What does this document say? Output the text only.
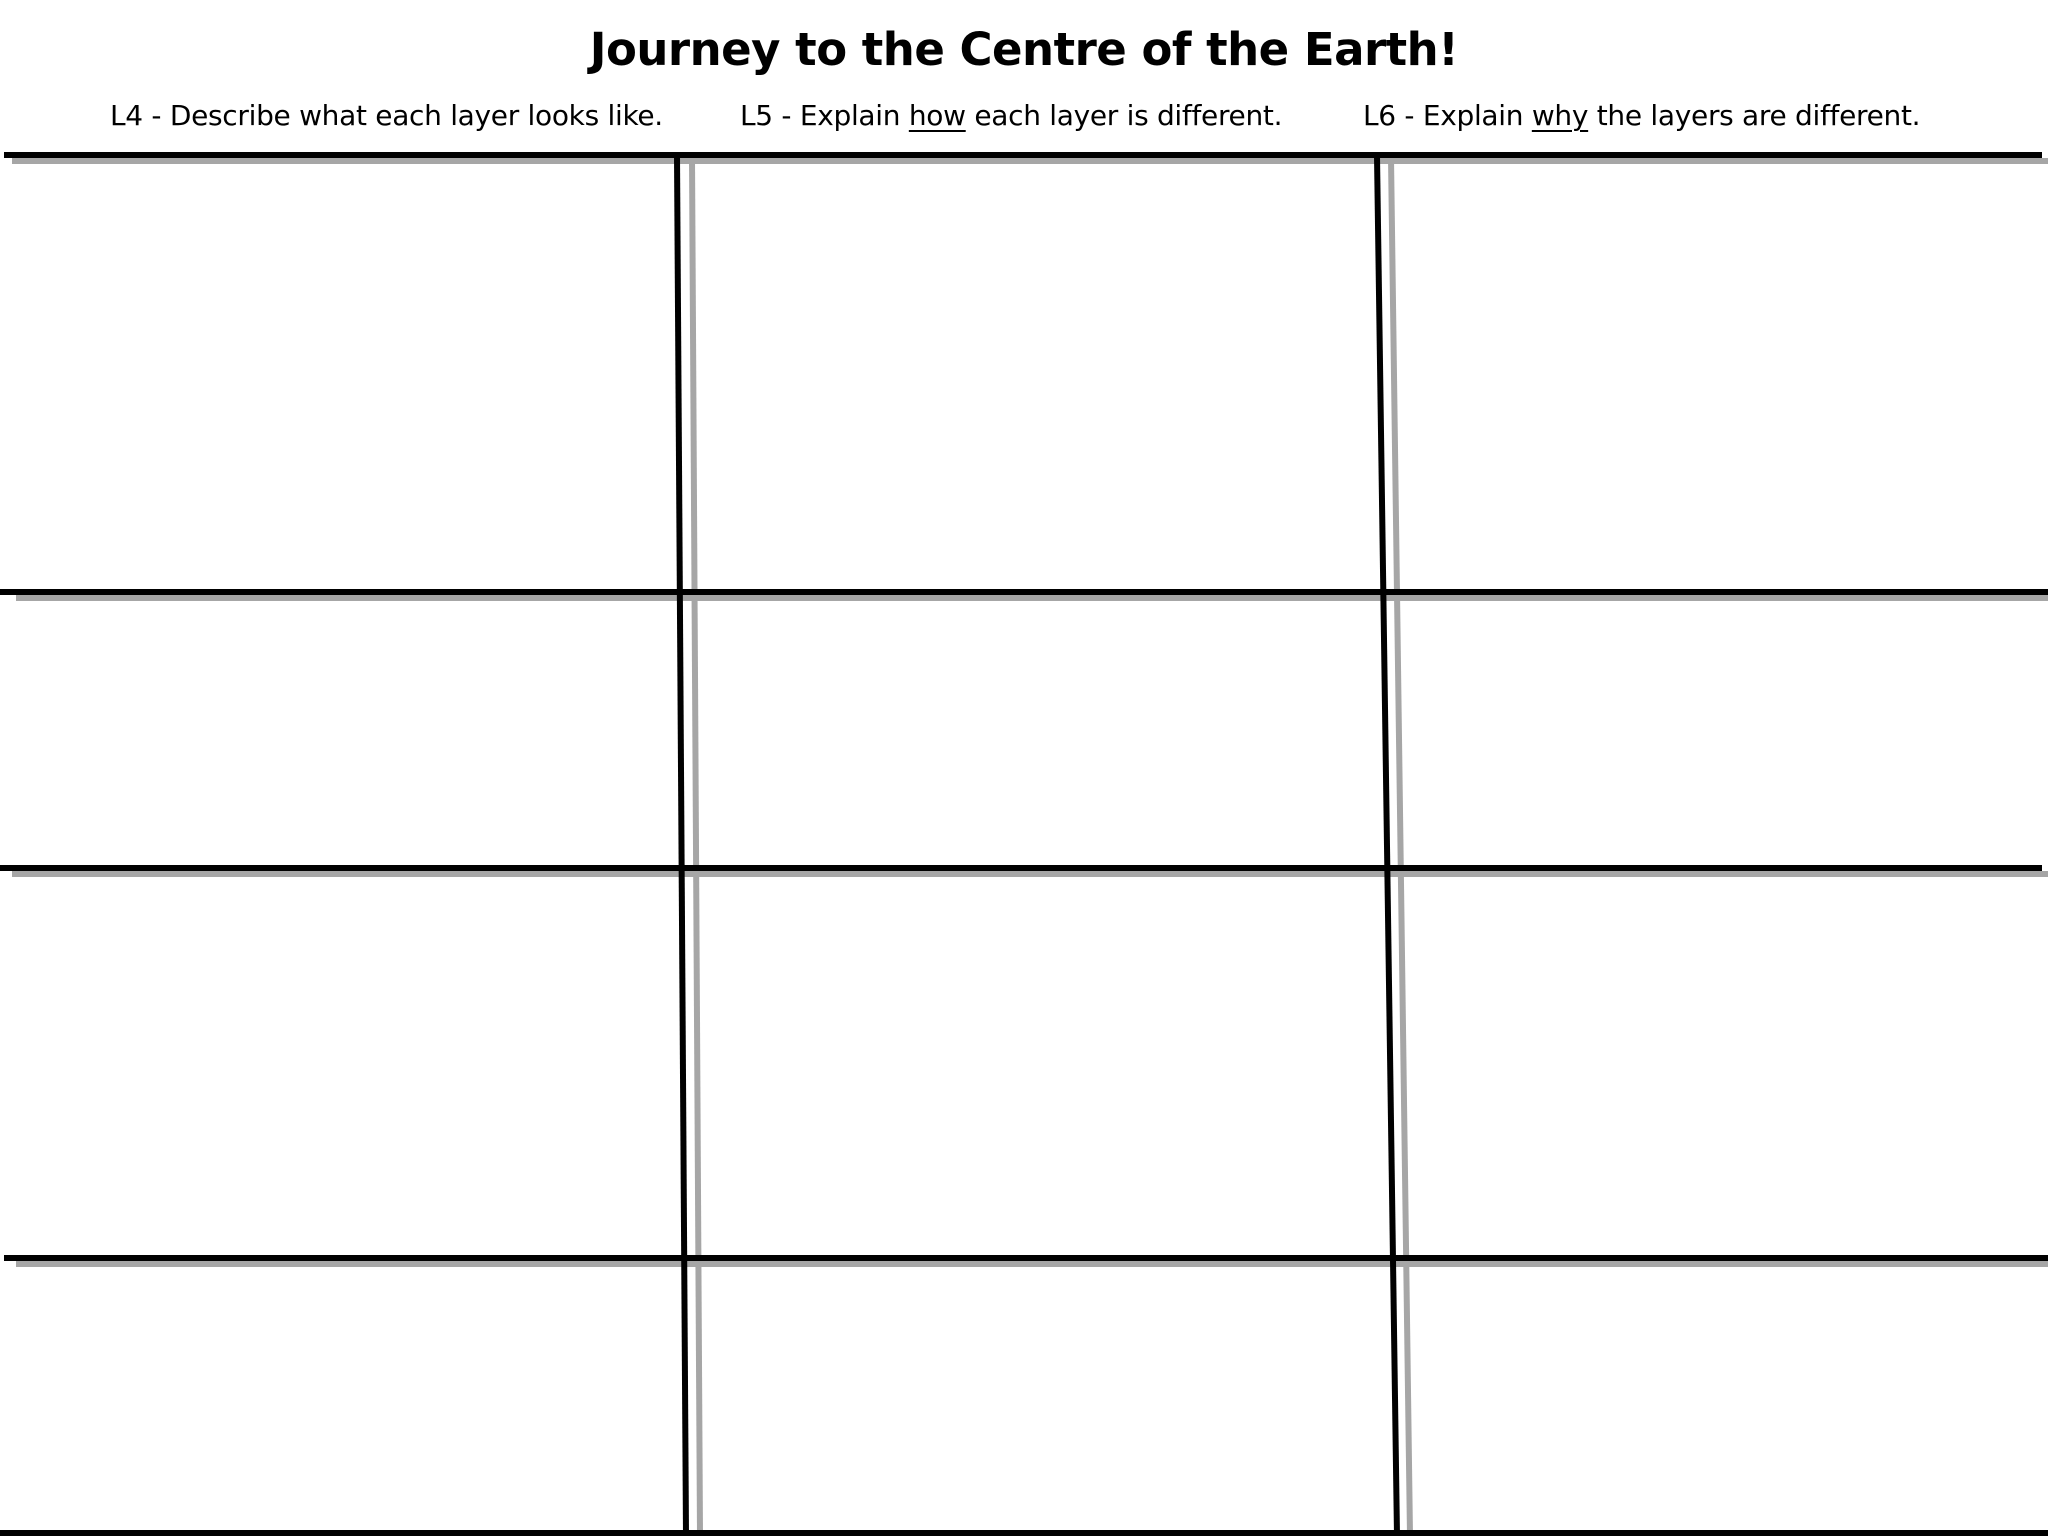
Journey to the Centre of the Earth!
L4 - Describe what each layer looks like.	L5 - Explain how each layer is different.	L6 - Explain why the layers are different.
